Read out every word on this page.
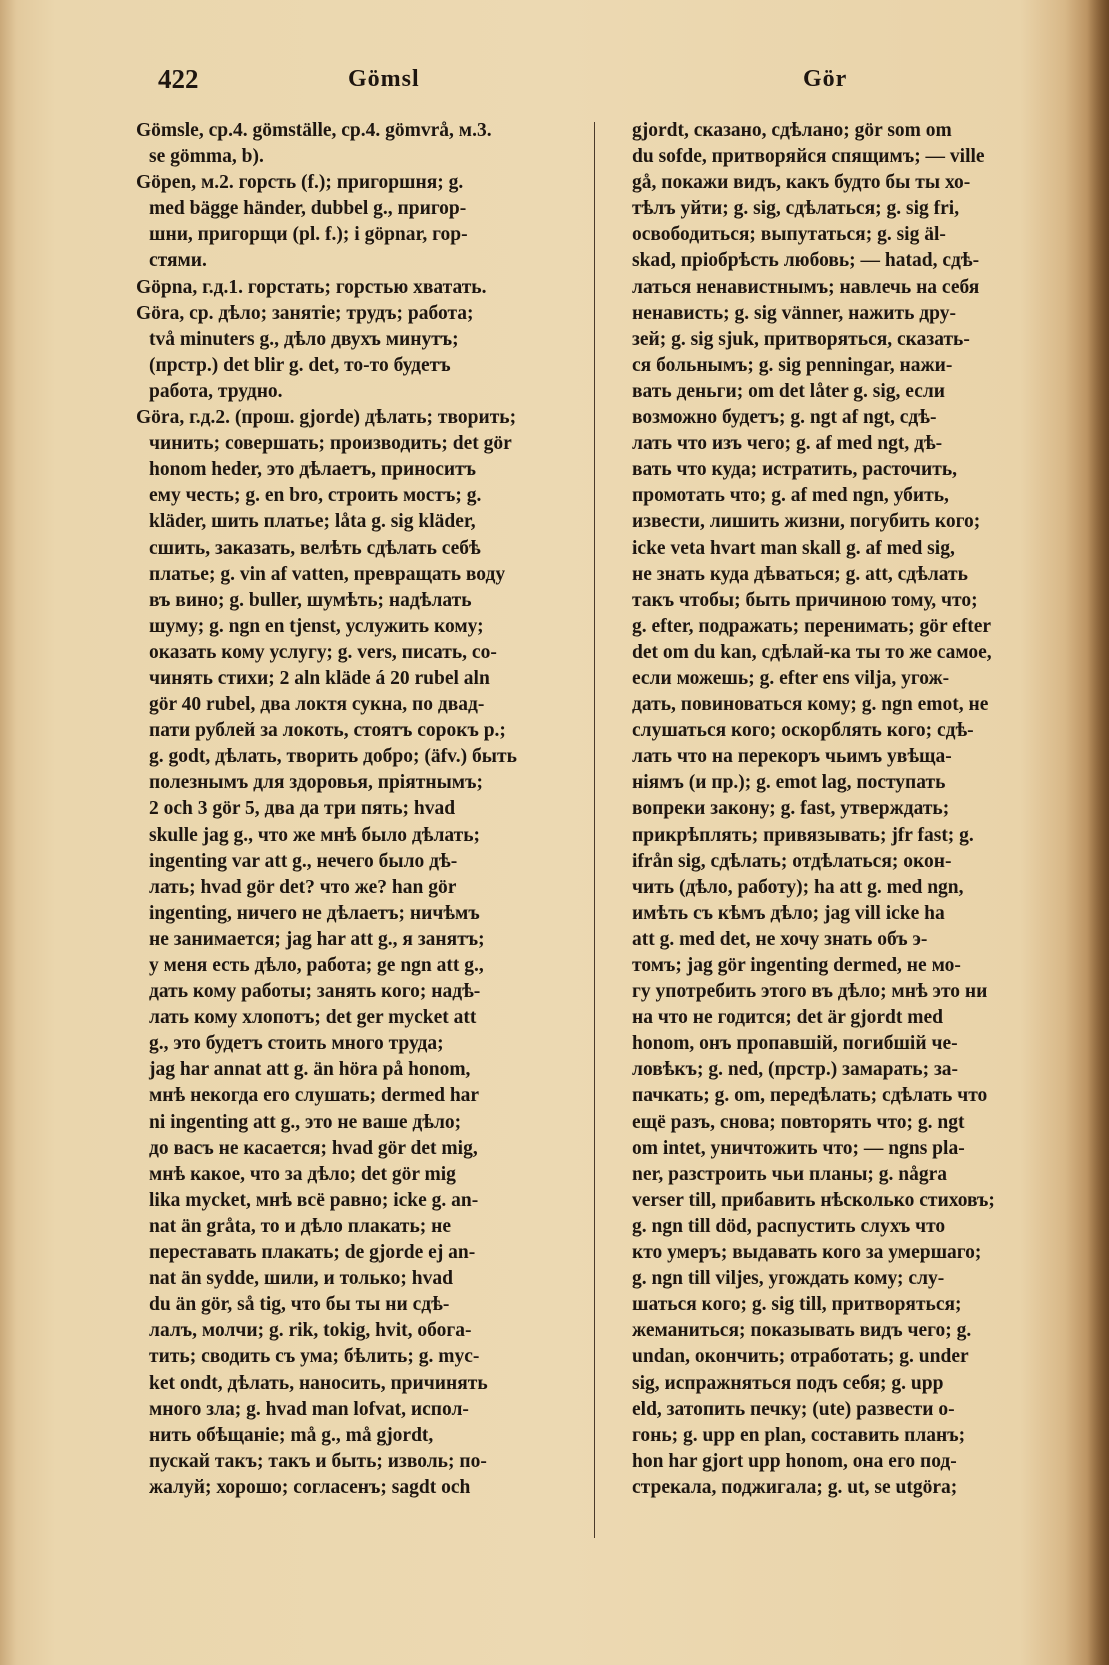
422	Gömsl	Gör
Gömsle, cp.4. gömställe, cp.4. gömvrå, м.3.
se gömma, b).
Göpen, м.2. горсть (f.); пригоршня; g.
med bägge händer, dubbel g., пригор-
шни, пригорщи (pl. f.); i göpnar, гор-
стями.
Göpna, г.д.1. горстать; горстью хватать.
Göra, cp. дѣло; занятіе; трудъ; работа;
två minuters g., дѣло двухъ минутъ;
(прстр.) det blir g. det, то-то будетъ
работа, трудно.
Göra, г.д.2. (прош. gjorde) дѣлать; творить;
чинить; совершать; производить; det gör
honom heder, это дѣлаетъ, приноситъ
ему честь; g. en bro, строить мостъ; g.
kläder, шить платье; låta g. sig kläder,
сшить, заказать, велѣть сдѣлать себѣ
платье; g. vin af vatten, превращать воду
въ вино; g. buller, шумѣть; надѣлать
шуму; g. ngn en tjenst, услужить кому;
оказать кому услугу; g. vers, писать, со-
чинять стихи; 2 aln kläde á 20 rubel aln
gör 40 rubel, два локтя сукна, по двад-
пати рублей за локоть, стоятъ сорокъ р.;
g. godt, дѣлать, творить добро; (äfv.) быть
полезнымъ для здоровья, пріятнымъ;
2 och 3 gör 5, два да три пять; hvad
skulle jag g., что же мнѣ было дѣлать;
ingenting var att g., нечего было дѣ-
лать; hvad gör det? что же? han gör
ingenting, ничего не дѣлаетъ; ничѣмъ
не занимается; jag har att g., я занятъ;
у меня есть дѣло, работа; ge ngn att g.,
дать кому работы; занять кого; надѣ-
лать кому хлопотъ; det ger mycket att
g., это будетъ стоить много труда;
jag har annat att g. än höra på honom,
мнѣ некогда его слушать; dermed har
ni ingenting att g., это не ваше дѣло;
до васъ не касается; hvad gör det mig,
мнѣ какое, что за дѣло; det gör mig
lika mycket, мнѣ всё равно; icke g. an-
nat än gråta, то и дѣло плакать; не
переставать плакать; de gjorde ej an-
nat än sydde, шили, и только; hvad
du än gör, så tig, что бы ты ни сдѣ-
лалъ, молчи; g. rik, tokig, hvit, обога-
тить; сводить съ ума; бѣлить; g. myc-
ket ondt, дѣлать, наносить, причинять
много зла; g. hvad man lofvat, испол-
нить обѣщаніе; må g., må gjordt,
пускай такъ; такъ и быть; изволь; по-
жалуй; хорошо; согласенъ; sagdt och
gjordt, сказано, сдѣлано; gör som om
du sofde, притворяйся спящимъ; — ville
gå, покажи видъ, какъ будто бы ты хо-
тѣлъ уйти; g. sig, сдѣлаться; g. sig fri,
освободиться; выпутаться; g. sig äl-
skad, пріобрѣсть любовь; — hatad, сдѣ-
латься ненавистнымъ; навлечь на себя
ненависть; g. sig vänner, нажить дру-
зей; g. sig sjuk, притворяться, сказать-
ся больнымъ; g. sig penningar, нажи-
вать деньги; om det låter g. sig, если
возможно будетъ; g. ngt af ngt, сдѣ-
лать что изъ чего; g. af med ngt, дѣ-
вать что куда; истратить, расточить,
промотать что; g. af med ngn, убить,
извести, лишить жизни, погубить кого;
icke veta hvart man skall g. af med sig,
не знать куда дѣваться; g. att, сдѣлать
такъ чтобы; быть причиною тому, что;
g. efter, подражать; перенимать; gör efter
det om du kan, сдѣлай-ка ты то же самое,
если можешь; g. efter ens vilja, угож-
дать, повиноваться кому; g. ngn emot, не
слушаться кого; оскорблять кого; сдѣ-
лать что на перекоръ чьимъ увѣща-
ніямъ (и пр.); g. emot lag, поступать
вопреки закону; g. fast, утверждать;
прикрѣплять; привязывать; jfr fast; g.
ifrån sig, сдѣлать; отдѣлаться; окон-
чить (дѣло, работу); ha att g. med ngn,
имѣть съ кѣмъ дѣло; jag vill icke ha
att g. med det, не хочу знать объ э-
томъ; jag gör ingenting dermed, не мо-
гу употребить этого въ дѣло; мнѣ это ни
на что не годится; det är gjordt med
honom, онъ пропавшій, погибшій че-
ловѣкъ; g. ned, (прстр.) замарать; за-
пачкать; g. om, передѣлать; сдѣлать что
ещё разъ, снова; повторять что; g. ngt
om intet, уничтожить что; — ngns pla-
ner, разстроить чьи планы; g. några
verser till, прибавить нѣсколько стиховъ;
g. ngn till död, распустить слухъ что
кто умеръ; выдавать кого за умершаго;
g. ngn till viljes, угождать кому; слу-
шаться кого; g. sig till, притворяться;
жеманиться; показывать видъ чего; g.
undan, окончить; отработать; g. under
sig, испражняться подъ себя; g. upp
eld, затопить печку; (ute) развести о-
гонь; g. upp en plan, составить планъ;
hon har gjort upp honom, она его под-
стрекала, поджигала; g. ut, se utgöra;
